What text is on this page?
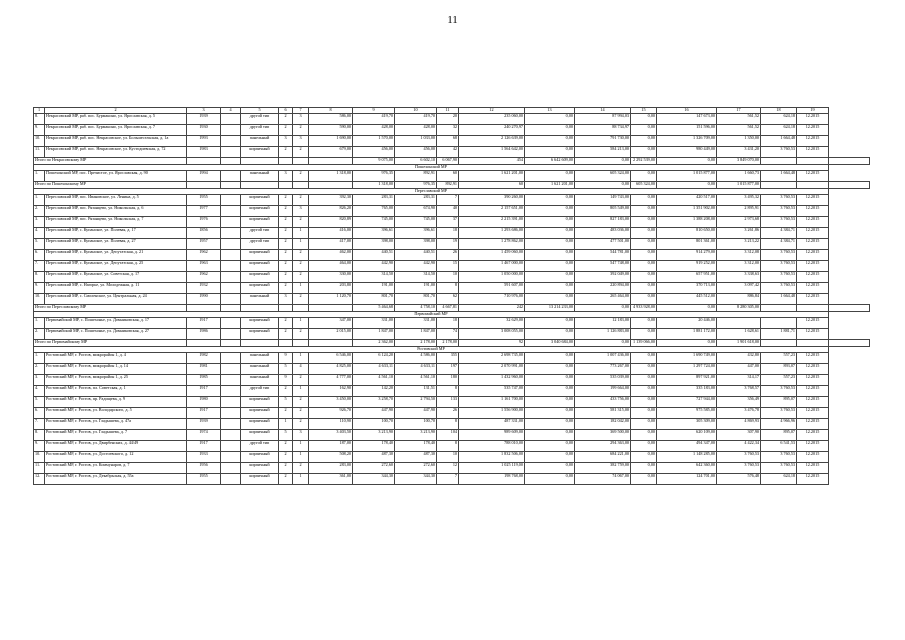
11
1	2	3	4	5	6	7	8	9	10	11	12	13	14	15	16	17	18	19	
8.	Некрасовский МР, раб. пос. Бурмакино, ул. Ярославская, д. 5	1939		другой тип	2	3	586,00	419,70	419,70	20	235 060,00	0,00	87 994,03	0,00	147 673,00	561,52	624,18	12.2015	
9.	Некрасовский МР, раб. пос. Бурмакино, ул. Ярославская, д. 7	1930		другой тип	2	2	590,00	428,00	428,00	32	240 270,97	0,00	88 734,97	0,00	151 596,00	561,52	624,18	12.2015	
10.	Некрасовский МР, раб. пос. Некрасовское, ул. Большесельская, д. 1а	1993		панельный	3	3	1 690,00	1 570,00	1 033,00	68	2 126 639,00	0,00	791 730,00	0,00	1 326 709,00	1 350,00	1 664,48	12.2015	
11.	Некрасовский МР, раб. пос. Некрасовское, ул. Кустодиевская, д. 72	1983		кирпичный	2	2	679,00	456,00	456,00	42	1 564 642,00	0,00	584 213,00	0,00	980 449,00	3 431,20	3 760,53	12.2015	
Итого по Некрасовскому МР								9 075,00	6 602,10	6 067,90	454	6 642 609,00	0,00	2 292 539,00	0,00	3 849 070,00			
Пошехонский МР																			
1.	Пошехонский МР, пос. Пречистое, ул. Ярославская, д. 90	1994		панельный	3	2	1 318,00	976,35	892,91	60	1 621 201,00	0,00	605 324,00	0,00	1 015 877,00	1 660,73	1 664,48	12.2015	
Итого по Пошехонскому МР								1 318,00	976,35	892,91	60	1 621 201,00	0,00	605 324,00	0,00	1 015 877,00			
Переславский МР																			
1.	Переславский МР, пос. Ивановское, ул. Ленина, д. 5	1955		кирпичный	2	2	392,30	283,31	283,31	7	390 260,00	0,00	149 743,00	0,00	420 517,00	3 495,32	3 760,53	12.2015	
2.	Переславский МР, пос. Рязанцево, ул. Никольская, д. 6	1977		кирпичный	2	3	826,20	765,00	674,90	40	2 157 651,00	0,00	805 549,00	0,00	1 351 902,00	2 895,91	3 760,53	12.2015	
3.	Переславский МР, пос. Рязанцево, ул. Никольская, д. 7	1976		кирпичный	2	2	820,89	745,00	745,00	37	2 215 391,00	0,00	827 183,00	0,00	1 388 208,00	2 973,68	3 760,53	12.2015	
4.	Переславский МР, с. Купанское, ул. Полевая, д. 17	1856		другой тип	2	1	416,00	396,61	396,61	18	1 293 686,00	0,00	483 036,00	0,00	810 650,00	3 261,86	4 384,71	12.2015	
5.	Переславский МР, с. Купанское, ул. Полевая, д. 27	1957		другой тип	2	1	417,00	398,00	398,00	19	1 278 862,00	0,00	477 501,00	0,00	801 361,00	3 213,22	4 384,71	12.2015	
6.	Переславский МР, с. Купанское, ул. Депутатская, д. 21	1962		кирпичный	2	2	462,00	440,51	440,51	26	1 459 060,00	0,00	544 781,00	0,00	914 279,00	3 312,08	3 760,53	12.2015	
7.	Переславский МР, с. Купанское, ул. Депутатская, д. 25	1963		кирпичный	2	2	464,00	442,90	442,90	15	1 467 000,00	0,00	547 748,00	0,00	919 252,00	3 312,00	3 760,53	12.2015	
8.	Переславский МР, с. Купанское, ул. Советская, д. 17	1962		кирпичный	2	2	330,00	314,50	314,50	10	1 050 000,00	0,00	392 049,00	0,00	657 951,00	3 338,63	3 760,53	12.2015	
9.	Переславский МР, с. Нагорье, ул. Молодежная, д. 11	1932		кирпичный	2	1	203,80	191,00	191,00	8	591 607,00	0,00	220 894,00	0,00	370 713,00	3 097,42	3 760,53	12.2015	
10.	Переславский МР, с. Смоленское, ул. Центральная, д. 24	1990		панельный	3	2	1 120,70	801,70	801,70	62	710 976,00	0,00	265 464,00	0,00	445 512,00	886,84	1 664,48	12.2015	
Итого по Переславскому МР								5 464,68	4 758,10	4 667,81	242	13 214 233,00	0,00	4 933 928,00	0,00	8 280 305,00			
Первомайский МР																			
1.	Первомайский МР, с. Пошехонье, ул. Домниковская, д. 17	1917		кирпичный	2	1	347,00	331,00	331,00	18	32 629,00	0,00	12 183,00	0,00	20 446,00			12.2015	
2.	Первомайский МР, с. Пошехонье, ул. Домниковская, д. 27	1986		кирпичный	2	2	2 015,00	1 847,00	1 847,00	74	3 008 055,00	0,00	1 126 883,00	0,00	1 881 172,00	1 628,61	1 881,71	12.2015	
Итого по Первомайскому МР								2 362,00	2 178,00	2 178,00	92	3 040 684,00	0,00	1 139 066,00	0,00	1 901 618,00			
Ростовский МР																			
1.	Ростовский МР, г. Ростов, микрорайон 1, д. 4	1982		панельный	9	1	6 546,00	6 124,20	4 586,00	355	2 698 735,00	0,00	1 007 436,00	0,00	1 690 749,00	432,80	557,23	12.2015	
2.	Ростовский МР, г. Ростов, микрорайон 1, д. 14	1981		панельный	5	4	4 825,00	4 633,11	4 633,11	197	2 070 991,00	0,00	773 267,00	0,00	1 297 724,00	447,00	893,07	12.2015	
3.	Ростовский МР, г. Ростов, микрорайон 1, д. 25	1985		панельный	9	2	4 777,00	4 561,10	4 561,10	180	1 432 960,00	0,00	535 039,00	0,00	897 921,00	314,17	557,23	12.2015	
4.	Ростовский МР, г. Ростов, пл. Советская, д. 1	1917		другой тип	2	1	162,90	142,20	131,51	8	535 747,00	0,00	199 664,00	0,00	335 183,00	3 768,57	3 760,53	12.2015	
5.	Ростовский МР, г. Ростов, пр. Радищева, д. 9	1980		кирпичный	5	2	3 450,00	3 258,70	2 794,50	133	1 161 700,00	0,00	433 756,00	0,00	727 944,00	356,49	895,07	12.2015	
6.	Ростовский МР, г. Ростов, ул. Володарского, д. 5	1917		кирпичный	2	2	926,70	447,90	447,90	26	1 556 900,00	0,00	581 315,00	0,00	975 585,00	3 476,78	3 760,53	12.2015	
7.	Ростовский МР, г. Ростов, ул. Гладышева, д. 47а	1939		кирпичный	1	2	110,90	100,70	100,70	8	487 331,00	0,00	182 042,00	0,00	305 309,00	4 869,93	4 966,96	12.2015	
8.	Ростовский МР, г. Ростов, ул. Гладышева, д. 7	1974		кирпичный	5	3	3 403,50	3 213,90	3 213,90	104	989 609,00	0,00	369 500,00	0,00	620 109,00	307,90	895,07	12.2015	
9.	Ростовский МР, г. Ростов, ул. Двирбенских, д. 44/49	1917		другой тип	2	1	187,00	178,40	178,40	8	788 010,00	0,00	294 363,00	0,00	494 347,00	4 422,34	6 541,53	12.2015	
10.	Ростовский МР, г. Ростов, ул. Достоевского, д. 12	1933		кирпичный	2	1	508,20	487,30	487,30	10	1 832 506,00	0,00	684 221,00	0,00	1 148 285,00	3 760,53	3 760,53	12.2015	
11.	Ростовский МР, г. Ростов, ул. Коммунаров, д. 7	1956		кирпичный	2	2	283,00	272,60	272,60	12	1 025 119,00	0,00	382 759,00	0,00	642 360,00	3 760,53	3 760,53	12.2015	
12.	Ростовский МР, г. Ростов, ул. Декабрьская, д. 55а	1955		кирпичный	2	1	361,00	344,30	344,30	7	198 768,00	0,00	74 067,00	0,00	124 701,00	576,48	624,18	12.2015	
